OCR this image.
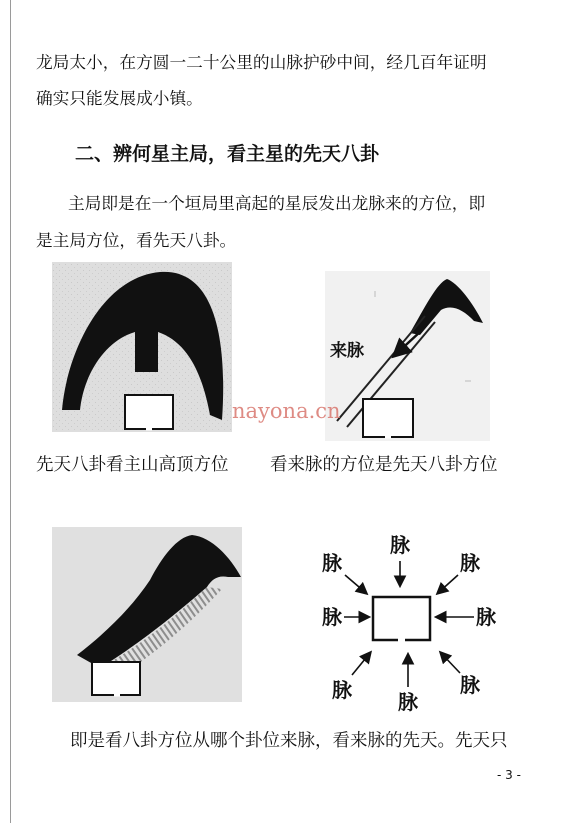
龙局太小，在方圆一二十公里的山脉护砂中间，经几百年证明
确实只能发展成小镇。
二、辨何星主局，看主星的先天八卦
主局即是在一个垣局里高起的星辰发出龙脉来的方位，即
是主局方位，看先天八卦。
来脉
nayona.cn
先天八卦看主山高顶方位 看来脉的方位是先天八卦方位
脉
脉	脉
脉	脉
脉 脉
脉
即是看八卦方位从哪个卦位来脉，看来脉的先天。先天只
- 3 -
